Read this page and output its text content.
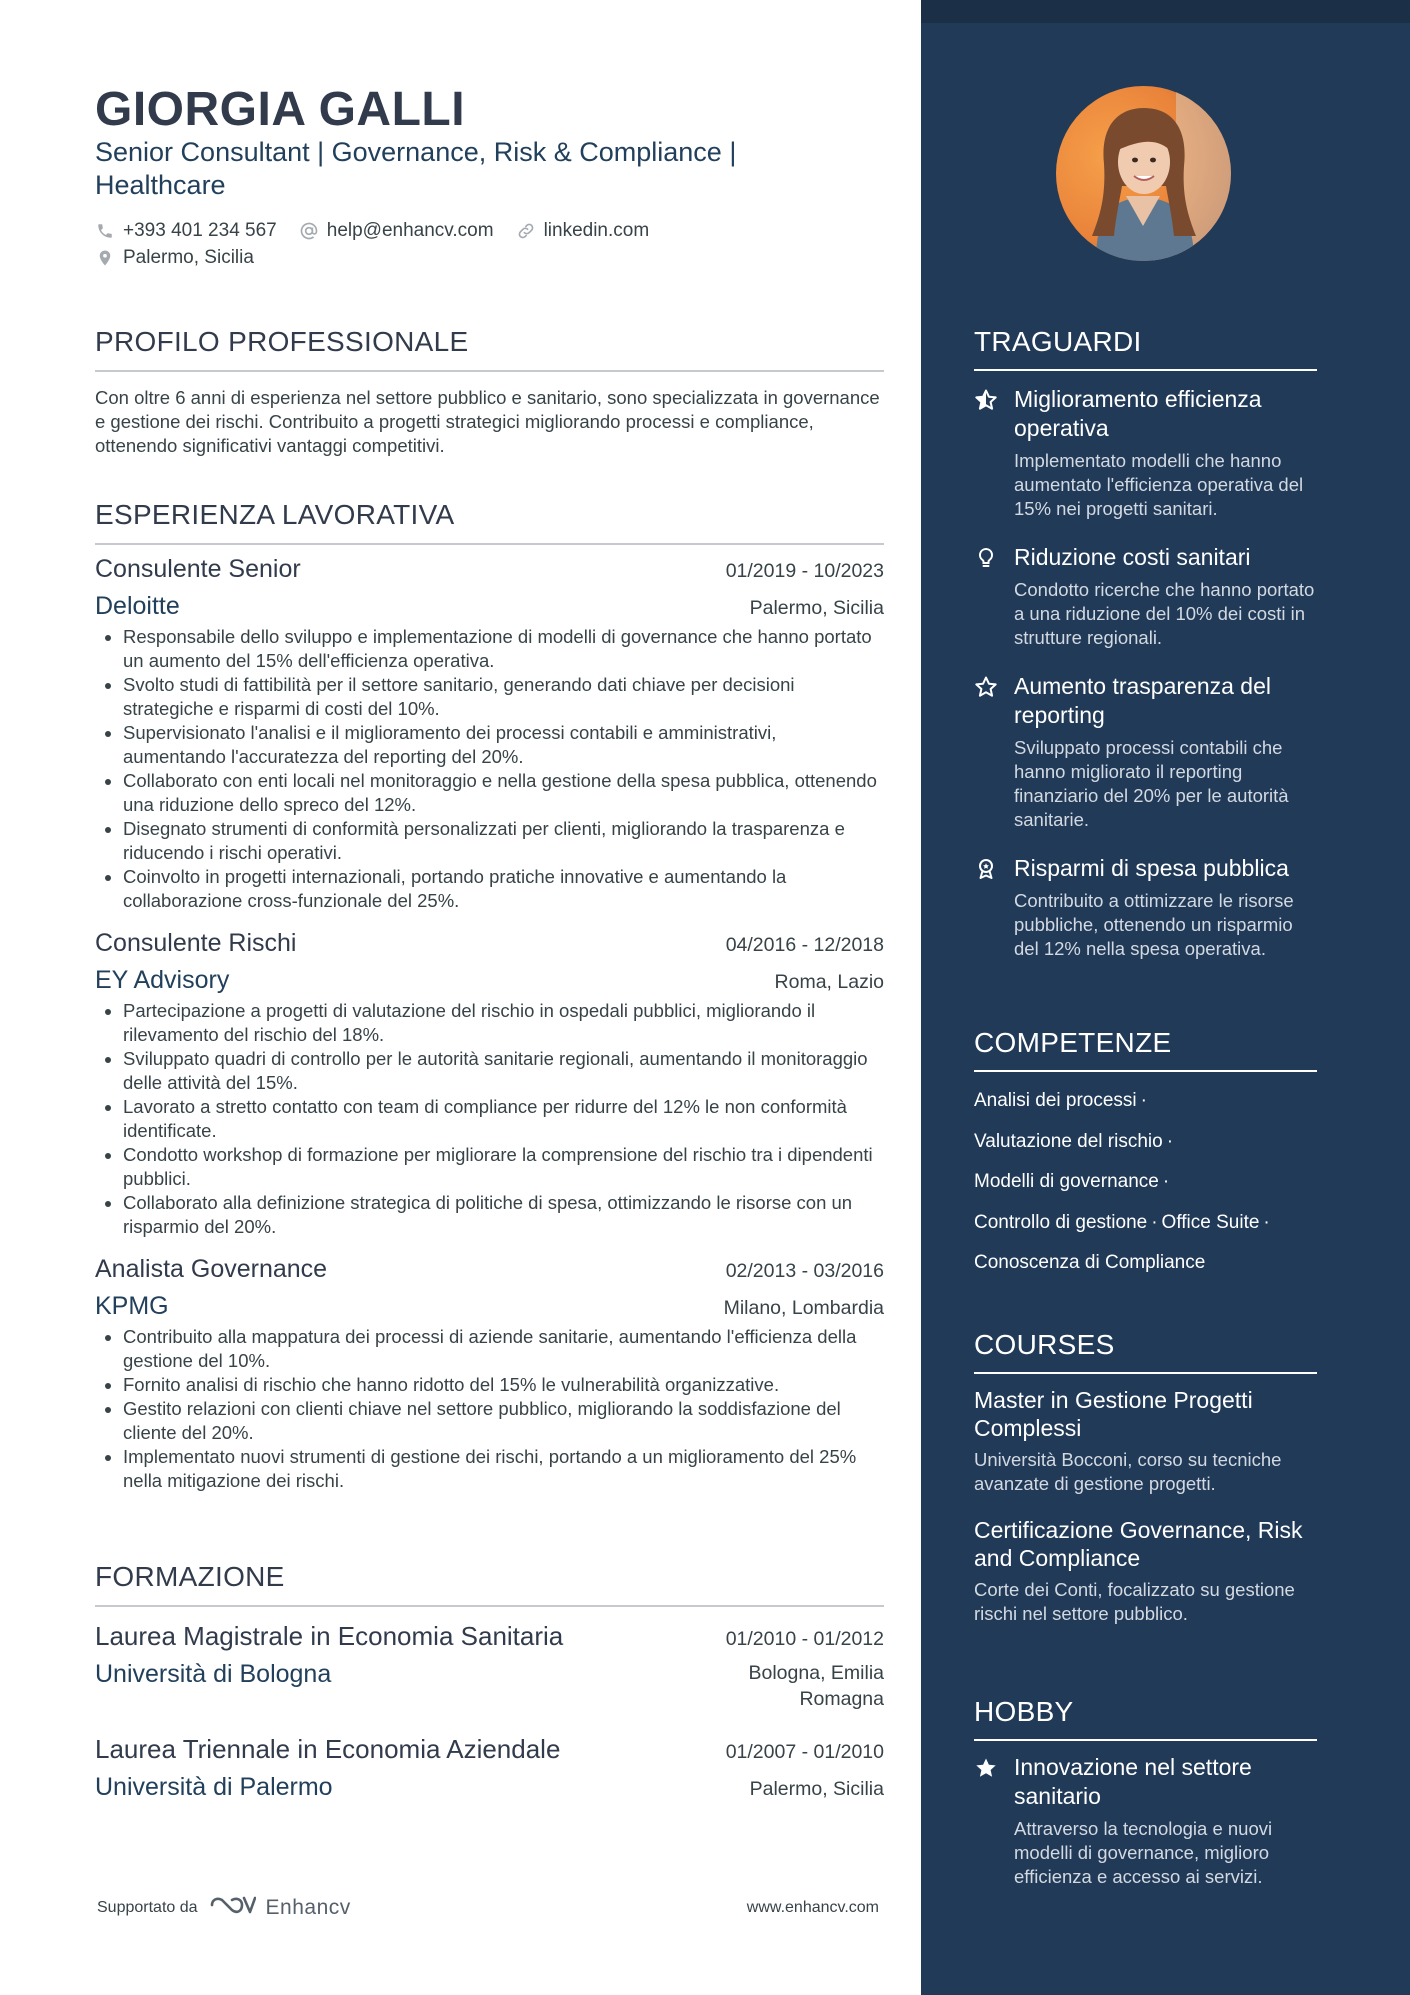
GIORGIA GALLI
Senior Consultant | Governance, Risk & Compliance | Healthcare
+393 401 234 567	help@enhancv.com	linkedin.com
Palermo, Sicilia
PROFILO PROFESSIONALE
Con oltre 6 anni di esperienza nel settore pubblico e sanitario, sono specializzata in governance e gestione dei rischi. Contribuito a progetti strategici migliorando processi e compliance, ottenendo significativi vantaggi competitivi.
ESPERIENZA LAVORATIVA
Consulente Senior	01/2019 - 10/2023
Deloitte	Palermo, Sicilia
• Responsabile dello sviluppo e implementazione di modelli di governance che hanno portato un aumento del 15% dell'efficienza operativa.
• Svolto studi di fattibilità per il settore sanitario, generando dati chiave per decisioni strategiche e risparmi di costi del 10%.
• Supervisionato l'analisi e il miglioramento dei processi contabili e amministrativi, aumentando l'accuratezza del reporting del 20%.
• Collaborato con enti locali nel monitoraggio e nella gestione della spesa pubblica, ottenendo una riduzione dello spreco del 12%.
• Disegnato strumenti di conformità personalizzati per clienti, migliorando la trasparenza e riducendo i rischi operativi.
• Coinvolto in progetti internazionali, portando pratiche innovative e aumentando la collaborazione cross-funzionale del 25%.
Consulente Rischi	04/2016 - 12/2018
EY Advisory	Roma, Lazio
• Partecipazione a progetti di valutazione del rischio in ospedali pubblici, migliorando il rilevamento del rischio del 18%.
• Sviluppato quadri di controllo per le autorità sanitarie regionali, aumentando il monitoraggio delle attività del 15%.
• Lavorato a stretto contatto con team di compliance per ridurre del 12% le non conformità identificate.
• Condotto workshop di formazione per migliorare la comprensione del rischio tra i dipendenti pubblici.
• Collaborato alla definizione strategica di politiche di spesa, ottimizzando le risorse con un risparmio del 20%.
Analista Governance	02/2013 - 03/2016
KPMG	Milano, Lombardia
• Contribuito alla mappatura dei processi di aziende sanitarie, aumentando l'efficienza della gestione del 10%.
• Fornito analisi di rischio che hanno ridotto del 15% le vulnerabilità organizzative.
• Gestito relazioni con clienti chiave nel settore pubblico, migliorando la soddisfazione del cliente del 20%.
• Implementato nuovi strumenti di gestione dei rischi, portando a un miglioramento del 25% nella mitigazione dei rischi.
FORMAZIONE
Laurea Magistrale in Economia Sanitaria	01/2010 - 01/2012
Università di Bologna	Bologna, Emilia
Romagna
Laurea Triennale in Economia Aziendale	01/2007 - 01/2010
Università di Palermo	Palermo, Sicilia
Supportato da	Enhancv	www.enhancv.com
TRAGUARDI
Miglioramento efficienza operativa
Implementato modelli che hanno aumentato l'efficienza operativa del 15% nei progetti sanitari.
Riduzione costi sanitari
Condotto ricerche che hanno portato a una riduzione del 10% dei costi in strutture regionali.
Aumento trasparenza del reporting
Sviluppato processi contabili che hanno migliorato il reporting finanziario del 20% per le autorità sanitarie.
Risparmi di spesa pubblica
Contribuito a ottimizzare le risorse pubbliche, ottenendo un risparmio del 12% nella spesa operativa.
COMPETENZE
Analisi dei processi ·
Valutazione del rischio ·
Modelli di governance ·
Controllo di gestione · Office Suite ·
Conoscenza di Compliance
COURSES
Master in Gestione Progetti Complessi
Università Bocconi, corso su tecniche avanzate di gestione progetti.
Certificazione Governance, Risk and Compliance
Corte dei Conti, focalizzato su gestione rischi nel settore pubblico.
HOBBY
Innovazione nel settore sanitario
Attraverso la tecnologia e nuovi modelli di governance, miglioro efficienza e accesso ai servizi.
